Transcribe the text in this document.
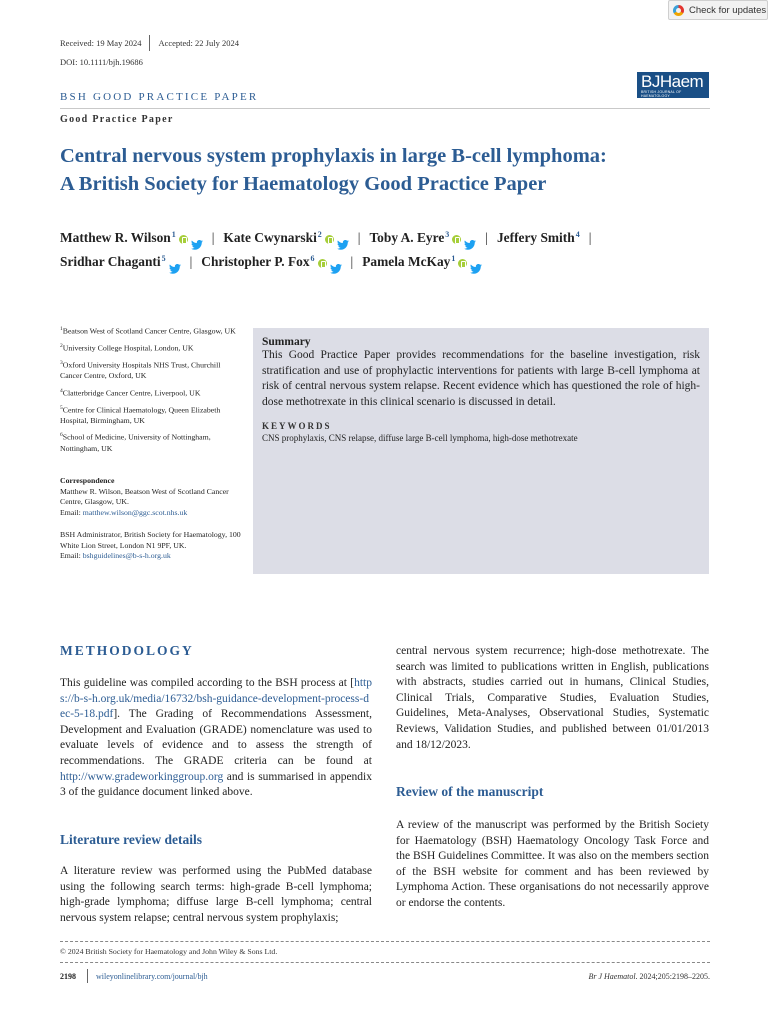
Check for updates
Received: 19 May 2024 Accepted: 22 July 2024
DOI: 10.1111/bjh.19686
BJHaem
BRITISH JOURNAL OF HAEMATOLOGY
BSH GOOD PRACTICE PAPER
Good Practice Paper
Central nervous system prophylaxis in large B-cell lymphoma:
A British Society for Haematology Good Practice Paper
Matthew R. Wilson$^1$	| Kate Cwynarski$^2$	| Toby A. Eyre$^3$	| Jeffery Smith$^4$ |

Sridhar Chaganti$^5$ | Christopher P. Fox$^6$	| Pamela McKay$^1$
$^1$Beatson West of Scotland Cancer Centre, Glasgow, UK
$^2$University College Hospital, London, UK
$^3$Oxford University Hospitals NHS Trust, Churchill Cancer Centre, Oxford, UK
$^4$Clatterbridge Cancer Centre, Liverpool, UK
$^5$Centre for Clinical Haematology, Queen Elizabeth Hospital, Birmingham, UK
$^6$School of Medicine, University of Nottingham, Nottingham, UK
Correspondence
Matthew R. Wilson, Beatson West of Scotland Cancer Centre, Glasgow, UK.
Email: matthew.wilson@ggc.scot.nhs.uk
BSH Administrator, British Society for Haematology, 100 White Lion Street, London N1 9PF, UK.
Email: bshguidelines@b-s-h.org.uk
Summary
This Good Practice Paper provides recommendations for the baseline investigation, risk stratification and use of prophylactic interventions for patients with large B-cell lymphoma at risk of central nervous system relapse. Recent evidence which has questioned the role of high-dose methotrexate in this clinical scenario is discussed in detail.
KEYWORDS
CNS prophylaxis, CNS relapse, diffuse large B-cell lymphoma, high-dose methotrexate
METHODOLOGY
This guideline was compiled according to the BSH process at [https://b-s-h.org.uk/media/16732/bsh-guidance-development-process-dec-5-18.pdf]. The Grading of Recommendations Assessment, Development and Evaluation (GRADE) nomenclature was used to evaluate levels of evidence and to assess the strength of recommendations. The GRADE criteria can be found at http://www.gradeworkinggroup.org and is summarised in appendix 3 of the guidance document linked above.
Literature review details
A literature review was performed using the PubMed database using the following search terms: high-grade B-cell lymphoma; high-grade lymphoma; diffuse large B-cell lymphoma; central nervous system relapse; central nervous system prophylaxis;
central nervous system recurrence; high-dose methotrexate. The search was limited to publications written in English, publications with abstracts, studies carried out in humans, Clinical Studies, Clinical Trials, Comparative Studies, Evaluation Studies, Guidelines, Meta-Analyses, Observational Studies, Systematic Reviews, Validation Studies, and published between 01/01/2013 and 18/12/2023.
Review of the manuscript
A review of the manuscript was performed by the British Society for Haematology (BSH) Haematology Oncology Task Force and the BSH Guidelines Committee. It was also on the members section of the BSH website for comment and has been reviewed by Lymphoma Action. These organisations do not necessarily approve or endorse the contents.
© 2024 British Society for Haematology and John Wiley & Sons Ltd.
2198	wileyonlinelibrary.com/journal/bjh	Br J Haematol. 2024;205:2198–2205.
